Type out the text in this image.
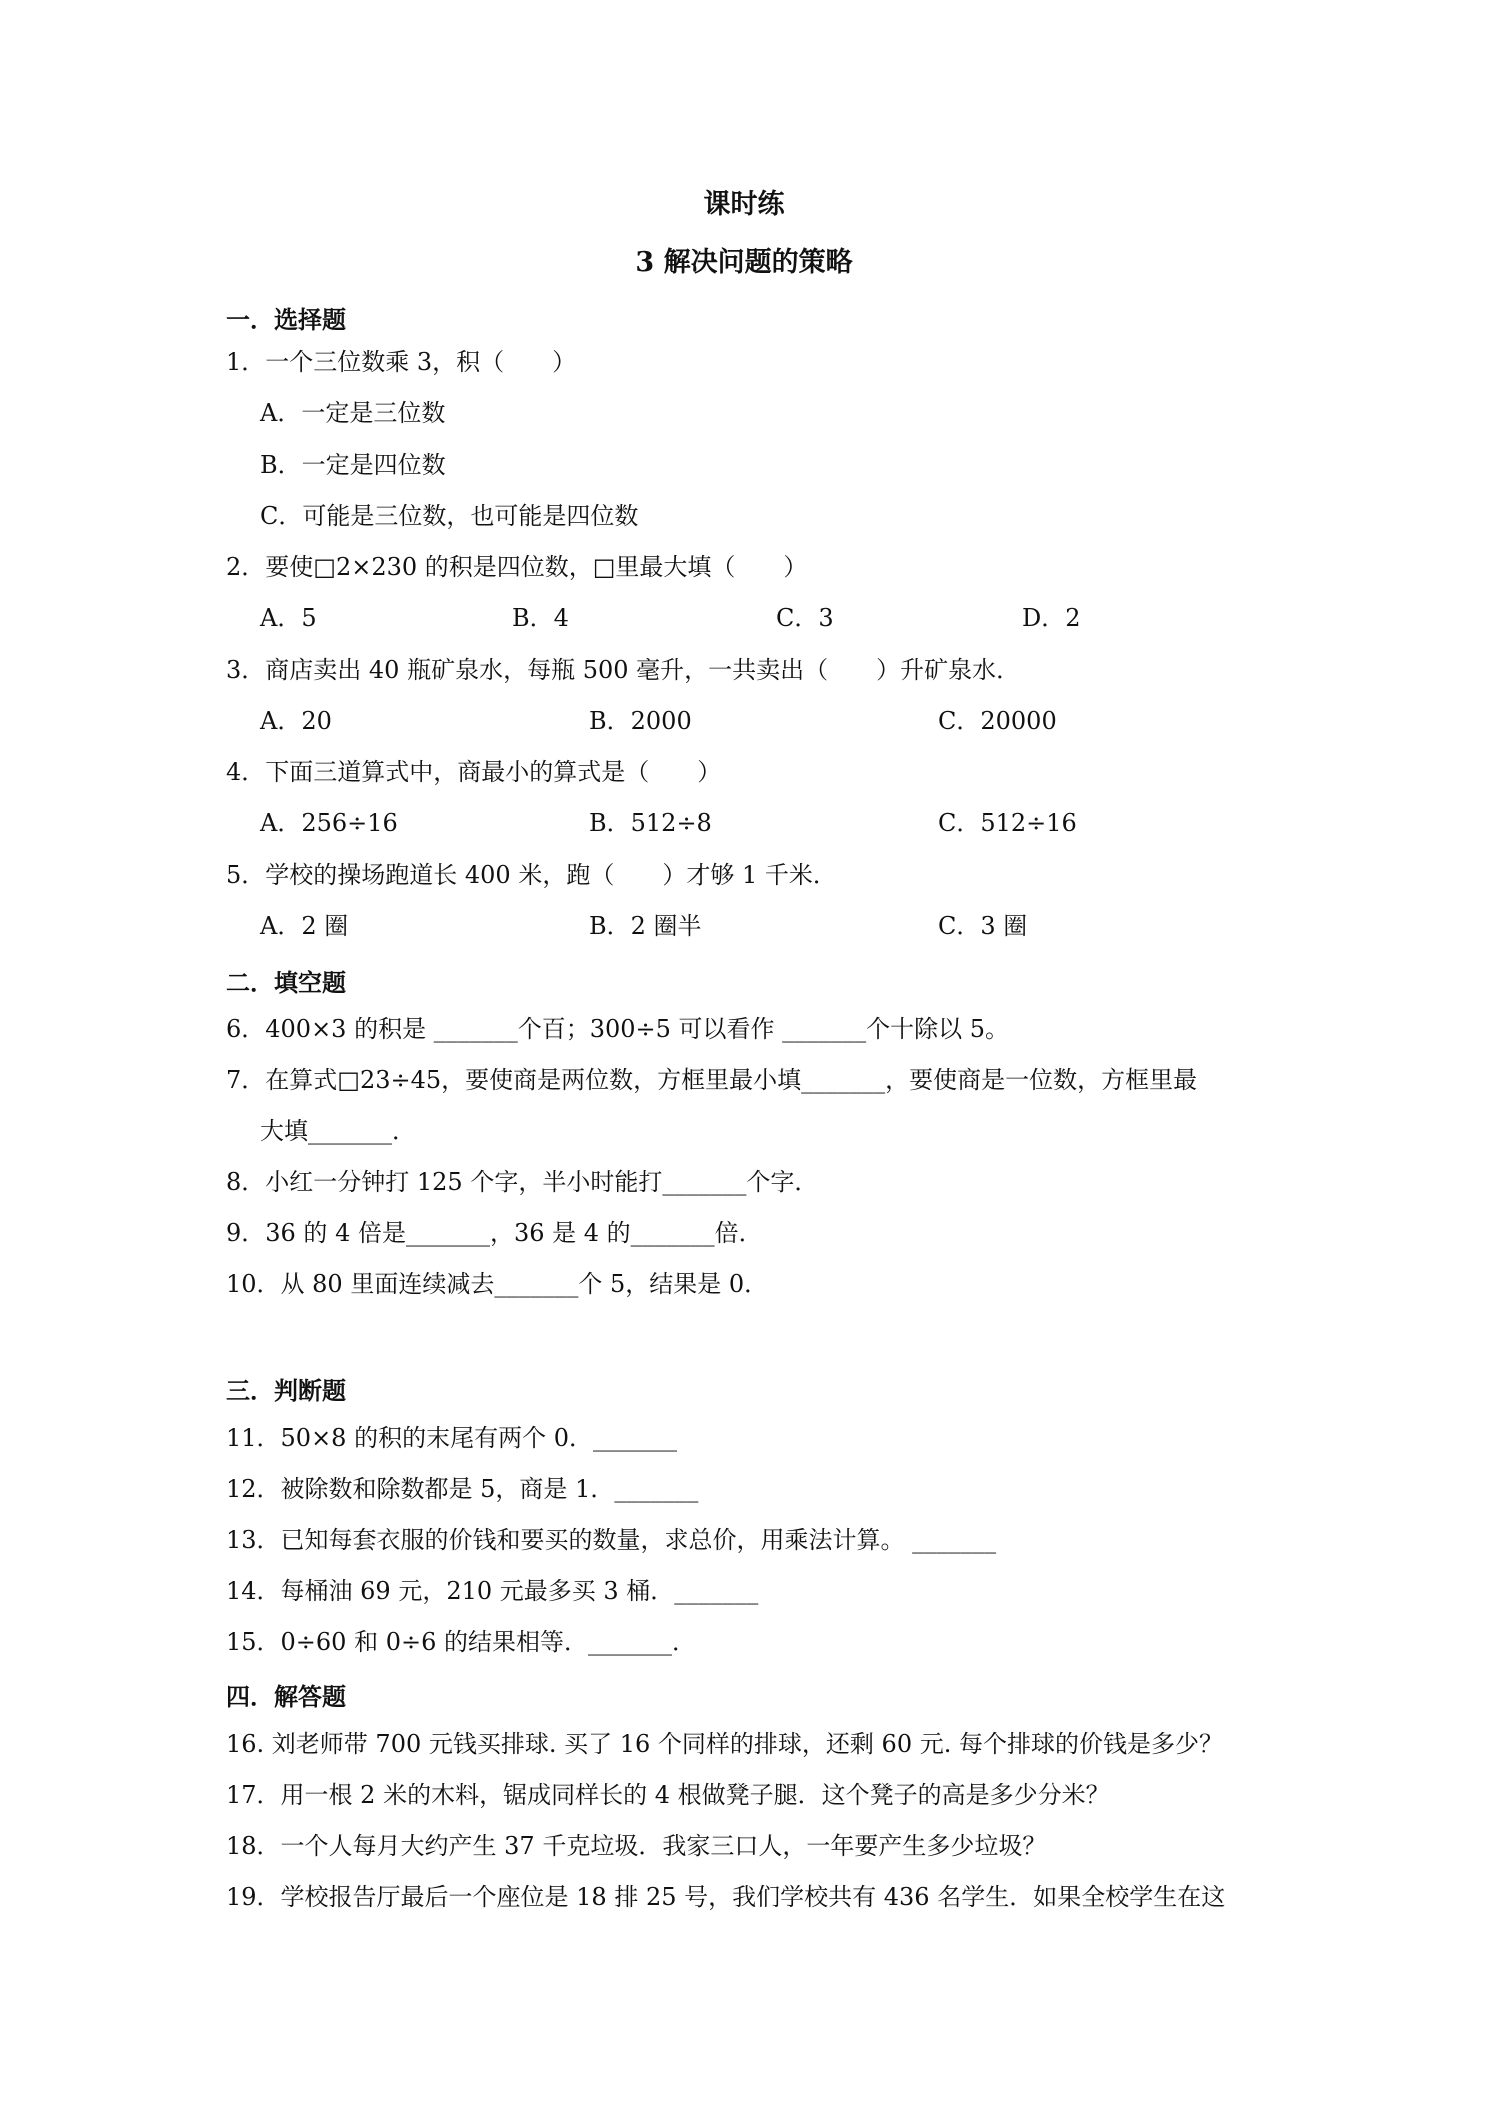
课时练
3 解决问题的策略
一．选择题
1．一个三位数乘 3，积（　　）
A．一定是三位数
B．一定是四位数
C．可能是三位数，也可能是四位数
2．要使□2×230 的积是四位数，□里最大填（　　）
A．5	B．4	C．3	D．2
3．商店卖出 40 瓶矿泉水，每瓶 500 毫升，一共卖出（　　）升矿泉水．
A．20	B．2000	C．20000
4．下面三道算式中，商最小的算式是（　　）
A．256÷16	B．512÷8	C．512÷16
5．学校的操场跑道长 400 米，跑（　　）才够 1 千米．
A．2 圈	B．2 圈半	C．3 圈
二．填空题
6．400×3 的积是 _______个百；300÷5 可以看作 _______个十除以 5。
7．在算式□23÷45，要使商是两位数，方框里最小填_______，要使商是一位数，方框里最
大填_______．
8．小红一分钟打 125 个字，半小时能打_______个字．
9．36 的 4 倍是_______，36 是 4 的_______倍．
10．从 80 里面连续减去_______个 5，结果是 0．
三．判断题
11．50×8 的积的末尾有两个 0．_______
12．被除数和除数都是 5，商是 1．_______
13．已知每套衣服的价钱和要买的数量，求总价，用乘法计算。 _______
14．每桶油 69 元，210 元最多买 3 桶．_______
15．0÷60 和 0÷6 的结果相等．_______．
四．解答题
16. 刘老师带 700 元钱买排球. 买了 16 个同样的排球，还剩 60 元. 每个排球的价钱是多少？
17．用一根 2 米的木料，锯成同样长的 4 根做凳子腿．这个凳子的高是多少分米？
18．一个人每月大约产生 37 千克垃圾．我家三口人，一年要产生多少垃圾？
19．学校报告厅最后一个座位是 18 排 25 号，我们学校共有 436 名学生．如果全校学生在这
